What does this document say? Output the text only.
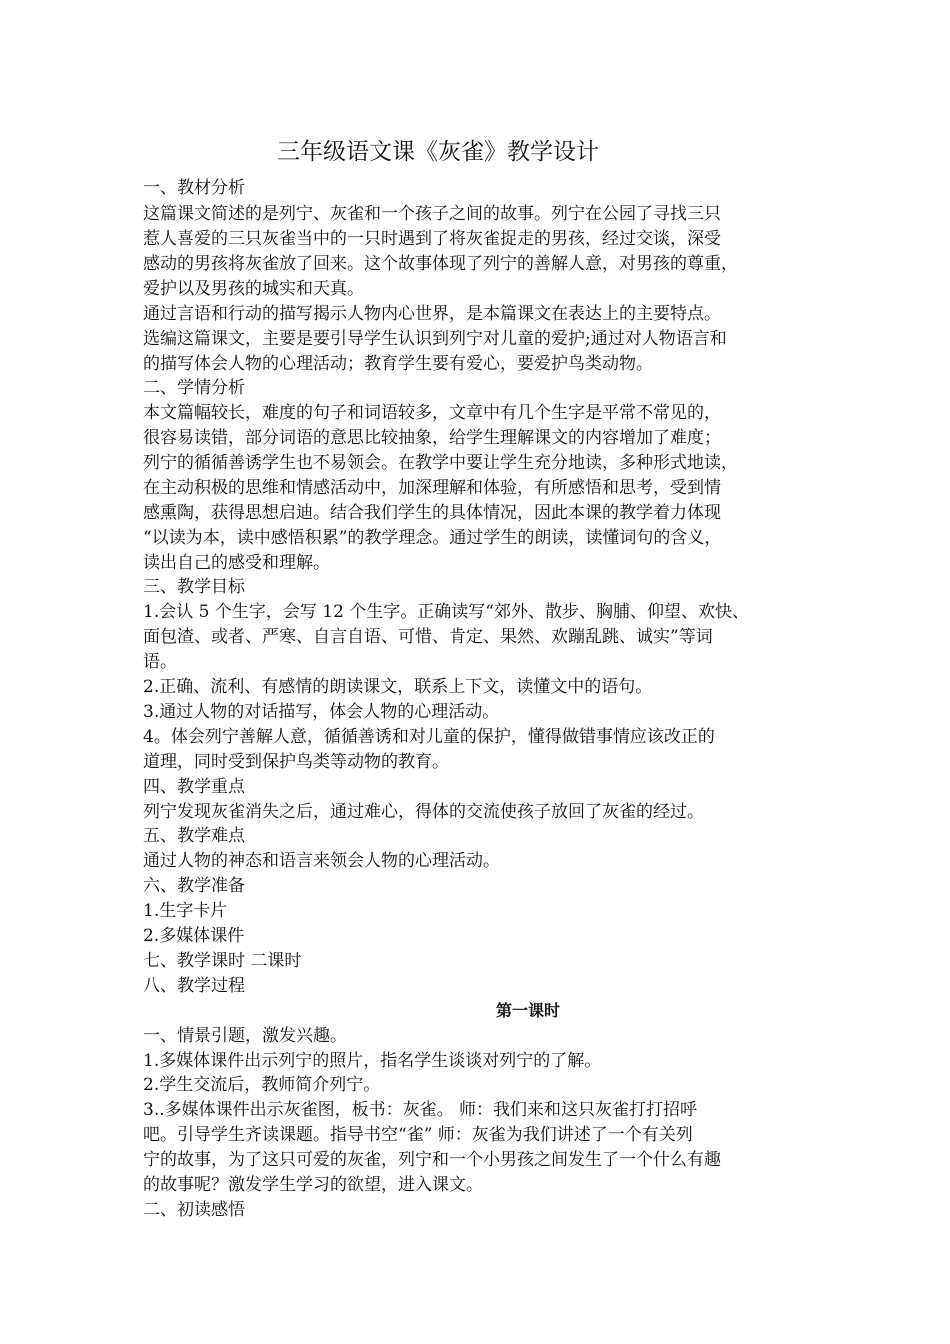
三年级语文课《灰雀》教学设计
一、教材分析
这篇课文简述的是列宁、灰雀和一个孩子之间的故事。列宁在公园了寻找三只
惹人喜爱的三只灰雀当中的一只时遇到了将灰雀捉走的男孩，经过交谈，深受
感动的男孩将灰雀放了回来。这个故事体现了列宁的善解人意，对男孩的尊重，
爱护以及男孩的城实和天真。
通过言语和行动的描写揭示人物内心世界，是本篇课文在表达上的主要特点。
选编这篇课文，主要是要引导学生认识到列宁对儿童的爱护;通过对人物语言和
的描写体会人物的心理活动；教育学生要有爱心，要爱护鸟类动物。
二、学情分析
本文篇幅较长，难度的句子和词语较多，文章中有几个生字是平常不常见的，
很容易读错，部分词语的意思比较抽象，给学生理解课文的内容增加了难度；
列宁的循循善诱学生也不易领会。在教学中要让学生充分地读，多种形式地读，
在主动积极的思维和情感活动中，加深理解和体验，有所感悟和思考，受到情
感熏陶，获得思想启迪。结合我们学生的具体情况，因此本课的教学着力体现
“以读为本，读中感悟积累”的教学理念。通过学生的朗读，读懂词句的含义，
读出自己的感受和理解。
三、教学目标
1.会认 5 个生字，会写 12 个生字。正确读写“郊外、散步、胸脯、仰望、欢快、
面包渣、或者、严寒、自言自语、可惜、肯定、果然、欢蹦乱跳、诚实”等词
语。
2.正确、流利、有感情的朗读课文，联系上下文，读懂文中的语句。
3.通过人物的对话描写，体会人物的心理活动。
4。体会列宁善解人意，循循善诱和对儿童的保护，懂得做错事情应该改正的
道理，同时受到保护鸟类等动物的教育。
四、教学重点
列宁发现灰雀消失之后，通过难心，得体的交流使孩子放回了灰雀的经过。
五、教学难点
通过人物的神态和语言来领会人物的心理活动。
六、教学准备
1.生字卡片
2.多媒体课件
七、教学课时 二课时
八、教学过程
第一课时
一、情景引题，激发兴趣。
1.多媒体课件出示列宁的照片，指名学生谈谈对列宁的了解。
2.学生交流后，教师简介列宁。
3..多媒体课件出示灰雀图，板书：灰雀。 师：我们来和这只灰雀打打招呼
吧。引导学生齐读课题。指导书空“雀” 师：灰雀为我们讲述了一个有关列
宁的故事，为了这只可爱的灰雀，列宁和一个小男孩之间发生了一个什么有趣
的故事呢？激发学生学习的欲望，进入课文。
二、初读感悟
